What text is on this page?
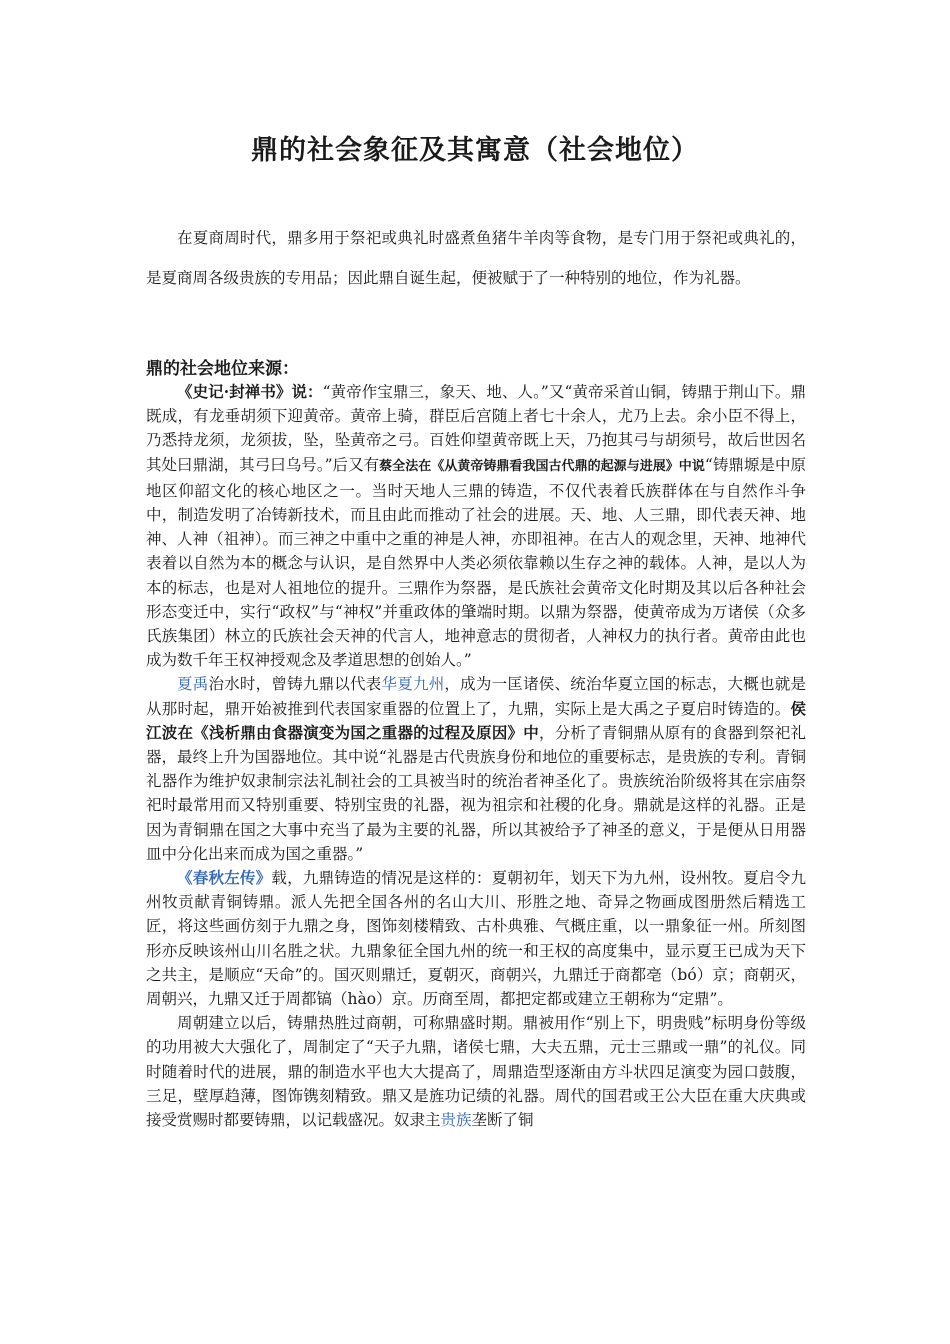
鼎的社会象征及其寓意（社会地位）

在夏商周时代，鼎多用于祭祀或典礼时盛煮鱼猪牛羊肉等食物，是专门用于祭祀或典礼的，是夏商周各级贵族的专用品；因此鼎自诞生起，便被赋于了一种特别的地位，作为礼器。

鼎的社会地位来源：

《史记·封禅书》说：“黄帝作宝鼎三，象天、地、人。”又“黄帝采首山铜，铸鼎于荆山下。鼎既成，有龙垂胡须下迎黄帝。黄帝上骑，群臣后宫随上者七十余人，尤乃上去。余小臣不得上，乃悉持龙须，龙须拔，坠，坠黄帝之弓。百姓仰望黄帝既上天，乃抱其弓与胡须号，故后世因名其处曰鼎湖，其弓曰乌号。”后又有蔡全法在《从黄帝铸鼎看我国古代鼎的起源与进展》中说“铸鼎塬是中原地区仰韶文化的核心地区之一。当时天地人三鼎的铸造，不仅代表着氏族群体在与自然作斗争中，制造发明了冶铸新技术，而且由此而推动了社会的进展。天、地、人三鼎，即代表天神、地神、人神（祖神）。而三神之中重中之重的神是人神，亦即祖神。在古人的观念里，天神、地神代表着以自然为本的概念与认识，是自然界中人类必须依靠赖以生存之神的载体。人神，是以人为本的标志，也是对人祖地位的提升。三鼎作为祭器，是氏族社会黄帝文化时期及其以后各种社会形态变迁中，实行“政权”与“神权”并重政体的肇端时期。以鼎为祭器，使黄帝成为万诸侯（众多氏族集团）林立的氏族社会天神的代言人，地神意志的贯彻者，人神权力的执行者。黄帝由此也成为数千年王权神授观念及孝道思想的创始人。”

夏禹治水时，曾铸九鼎以代表华夏九州，成为一匡诸侯、统治华夏立国的标志，大概也就是从那时起，鼎开始被推到代表国家重器的位置上了，九鼎，实际上是大禹之子夏启时铸造的。侯江波在《浅析鼎由食器演变为国之重器的过程及原因》中，分析了青铜鼎从原有的食器到祭祀礼器，最终上升为国器地位。其中说“礼器是古代贵族身份和地位的重要标志，是贵族的专利。青铜礼器作为维护奴隶制宗法礼制社会的工具被当时的统治者神圣化了。贵族统治阶级将其在宗庙祭祀时最常用而又特别重要、特别宝贵的礼器，视为祖宗和社稷的化身。鼎就是这样的礼器。正是因为青铜鼎在国之大事中充当了最为主要的礼器，所以其被给予了神圣的意义，于是便从日用器皿中分化出来而成为国之重器。”

《春秋左传》载，九鼎铸造的情况是这样的：夏朝初年，划天下为九州，设州牧。夏启令九州牧贡献青铜铸鼎。派人先把全国各州的名山大川、形胜之地、奇异之物画成图册然后精选工匠，将这些画仿刻于九鼎之身，图饰刻楼精致、古朴典雅、气概庄重，以一鼎象征一州。所刻图形亦反映该州山川名胜之状。九鼎象征全国九州的统一和王权的高度集中，显示夏王已成为天下之共主，是顺应“天命”的。国灭则鼎迁，夏朝灭，商朝兴，九鼎迁于商都亳（bó）京；商朝灭，周朝兴，九鼎又迁于周都镐（hào）京。历商至周，都把定都或建立王朝称为“定鼎”。

周朝建立以后，铸鼎热胜过商朝，可称鼎盛时期。鼎被用作“别上下，明贵贱”标明身份等级的功用被大大强化了，周制定了“天子九鼎，诸侯七鼎，大夫五鼎，元士三鼎或一鼎”的礼仪。同时随着时代的进展，鼎的制造水平也大大提高了，周鼎造型逐渐由方斗状四足演变为园口鼓腹，三足，壁厚趋薄，图饰镌刻精致。鼎又是旌功记绩的礼器。周代的国君或王公大臣在重大庆典或接受赏赐时都要铸鼎，以记载盛况。奴隶主贵族垄断了铜
